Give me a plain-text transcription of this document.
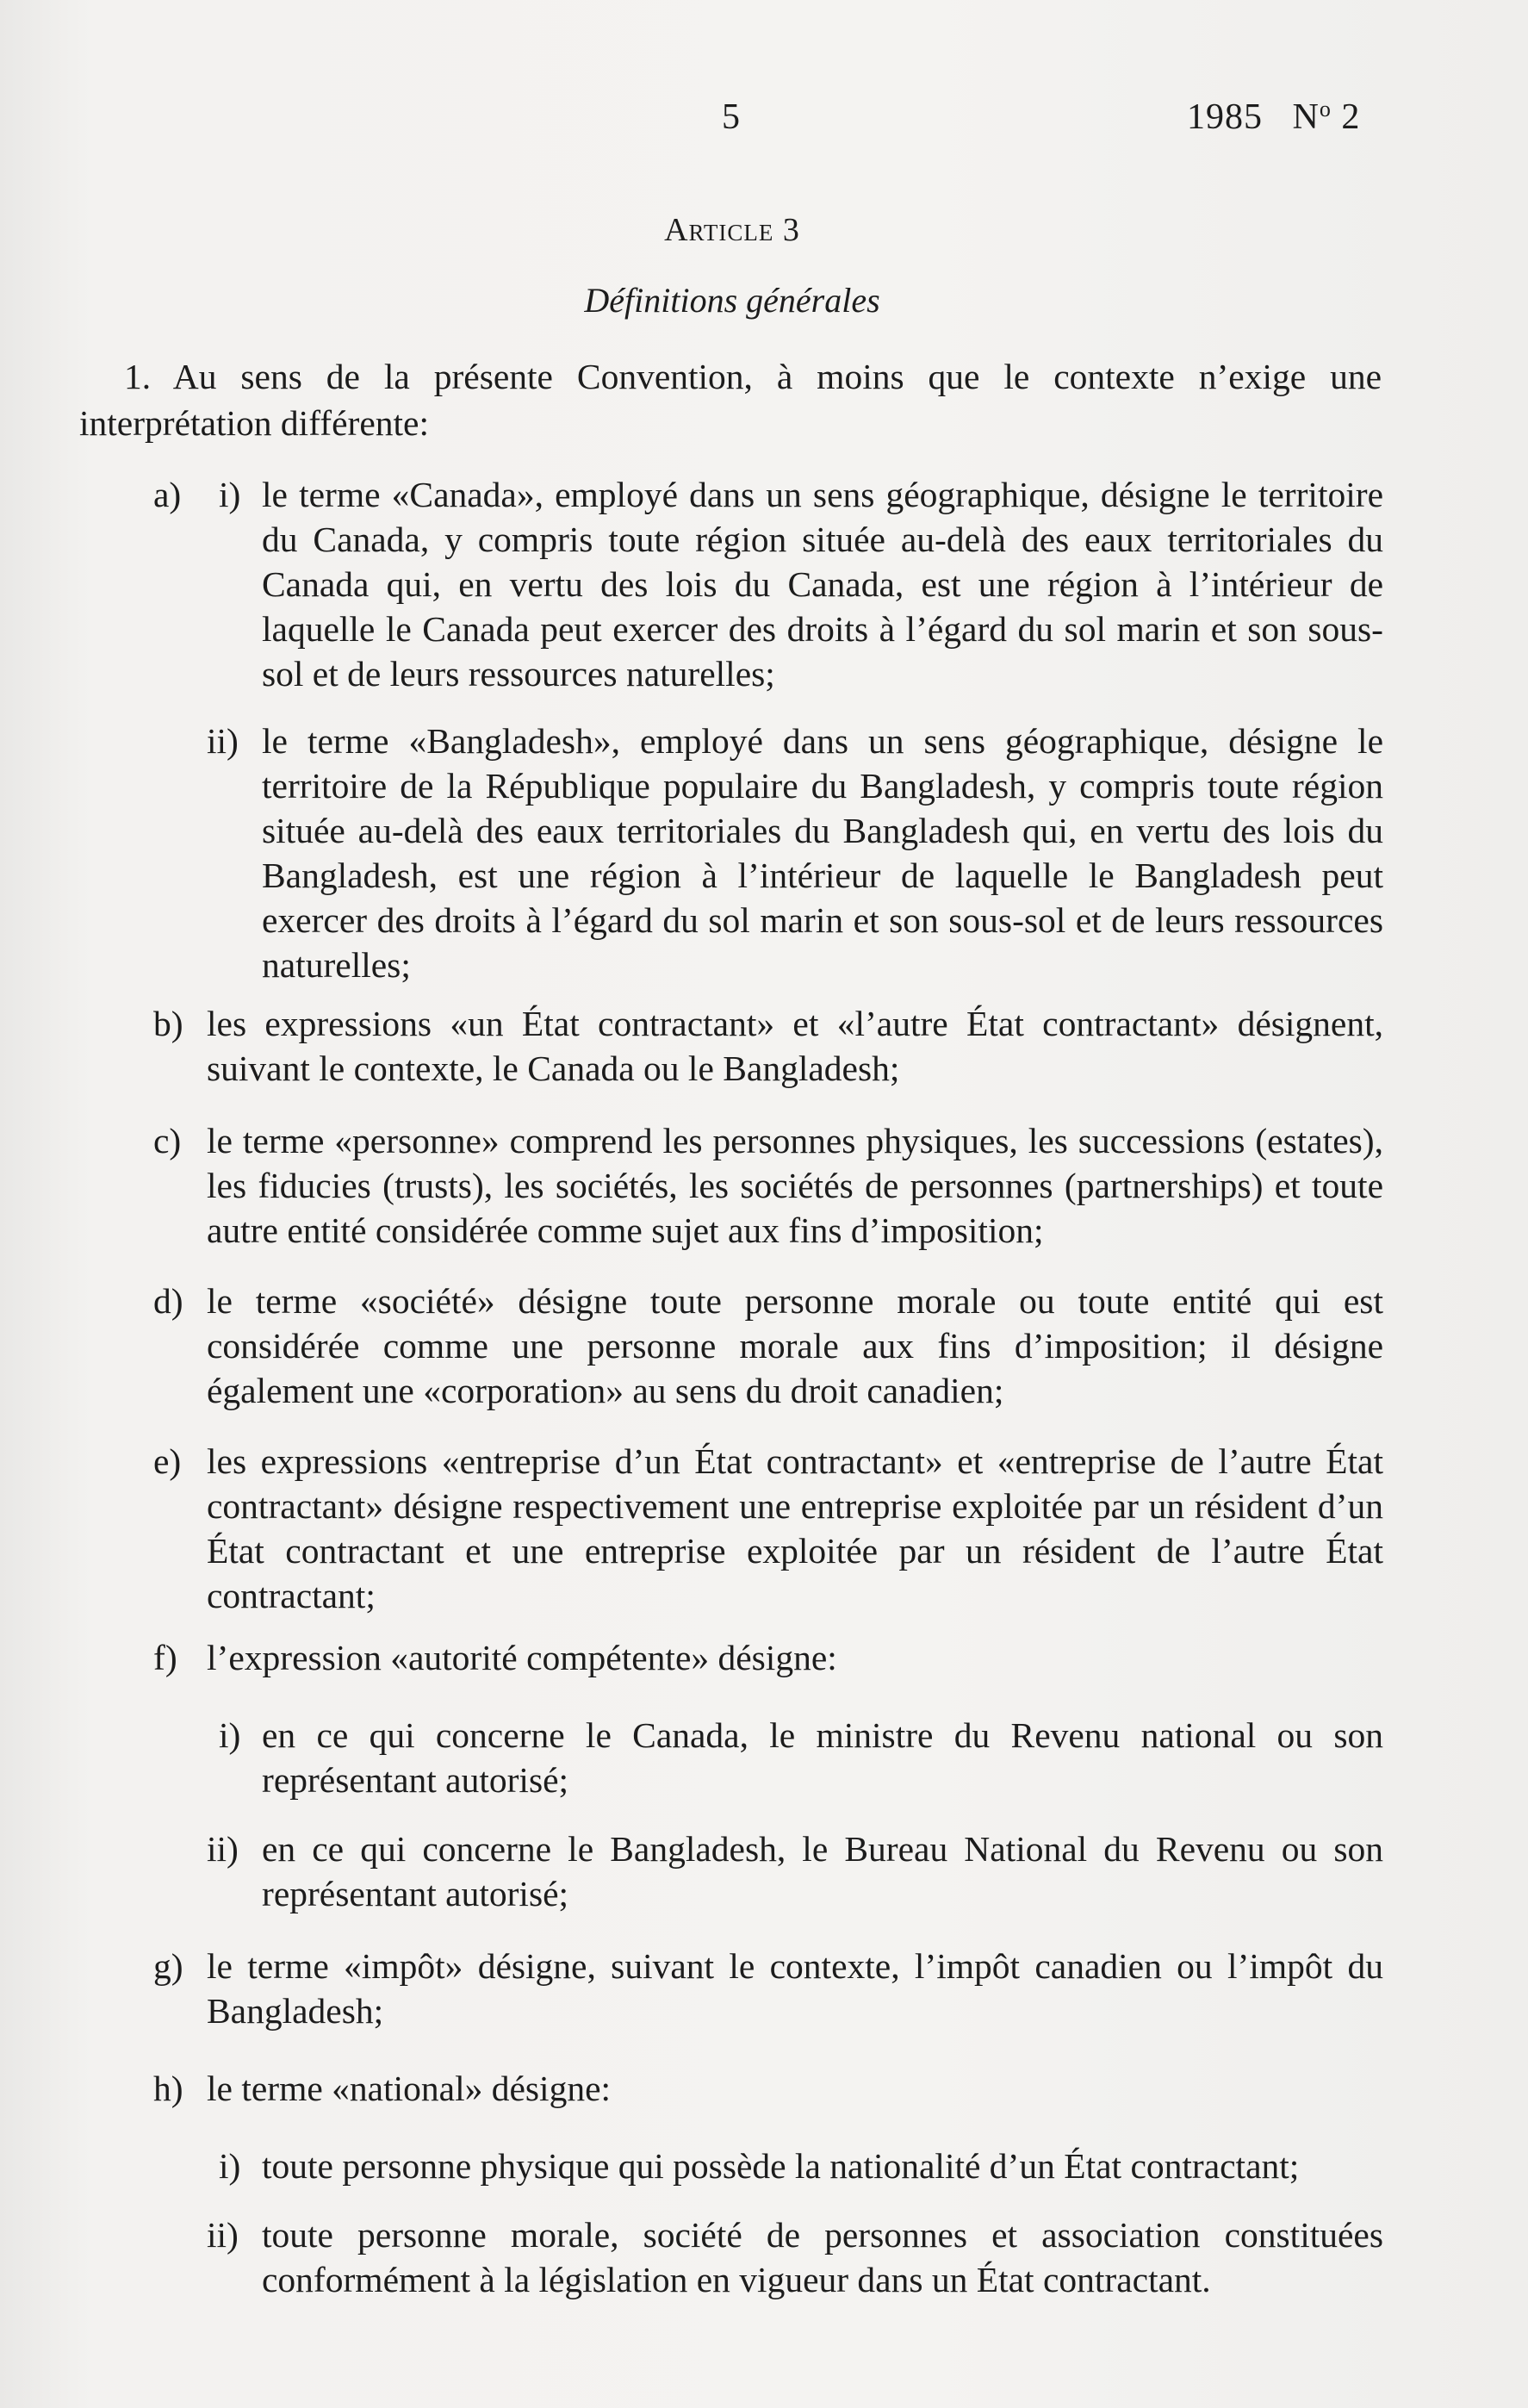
5	1985 $N^o$ 2
Article 3
Définitions générales
1. Au sens de la présente Convention, à moins que le contexte n’exige une interprétation différente:
a) i) le terme «Canada», employé dans un sens géographique, désigne le territoire du Canada, y compris toute région située au-delà des eaux territoriales du Canada qui, en vertu des lois du Canada, est une région à l’intérieur de laquelle le Canada peut exercer des droits à l’égard du sol marin et son sous-sol et de leurs ressources naturelles;

ii) le terme «Bangladesh», employé dans un sens géographique, désigne le territoire de la République populaire du Bangladesh, y compris toute région située au-delà des eaux territoriales du Bangladesh qui, en vertu des lois du Bangladesh, est une région à l’intérieur de laquelle le Bangladesh peut exercer des droits à l’égard du sol marin et son sous-sol et de leurs ressources naturelles;

b) les expressions «un État contractant» et «l’autre État contractant» désignent, suivant le contexte, le Canada ou le Bangladesh;

c) le terme «personne» comprend les personnes physiques, les successions (estates), les fiducies (trusts), les sociétés, les sociétés de personnes (partnerships) et toute autre entité considérée comme sujet aux fins d’imposition;

d) le terme «société» désigne toute personne morale ou toute entité qui est considérée comme une personne morale aux fins d’imposition; il désigne également une «corporation» au sens du droit canadien;

e) les expressions «entreprise d’un État contractant» et «entreprise de l’autre État contractant» désigne respectivement une entreprise exploitée par un résident d’un État contractant et une entreprise exploitée par un résident de l’autre État contractant;

f) l’expression «autorité compétente» désigne:

i) en ce qui concerne le Canada, le ministre du Revenu national ou son représentant autorisé;

ii) en ce qui concerne le Bangladesh, le Bureau National du Revenu ou son représentant autorisé;

g) le terme «impôt» désigne, suivant le contexte, l’impôt canadien ou l’impôt du Bangladesh;

h) le terme «national» désigne:

i) toute personne physique qui possède la nationalité d’un État contractant;

ii) toute personne morale, société de personnes et association constituées conformément à la législation en vigueur dans un État contractant.
